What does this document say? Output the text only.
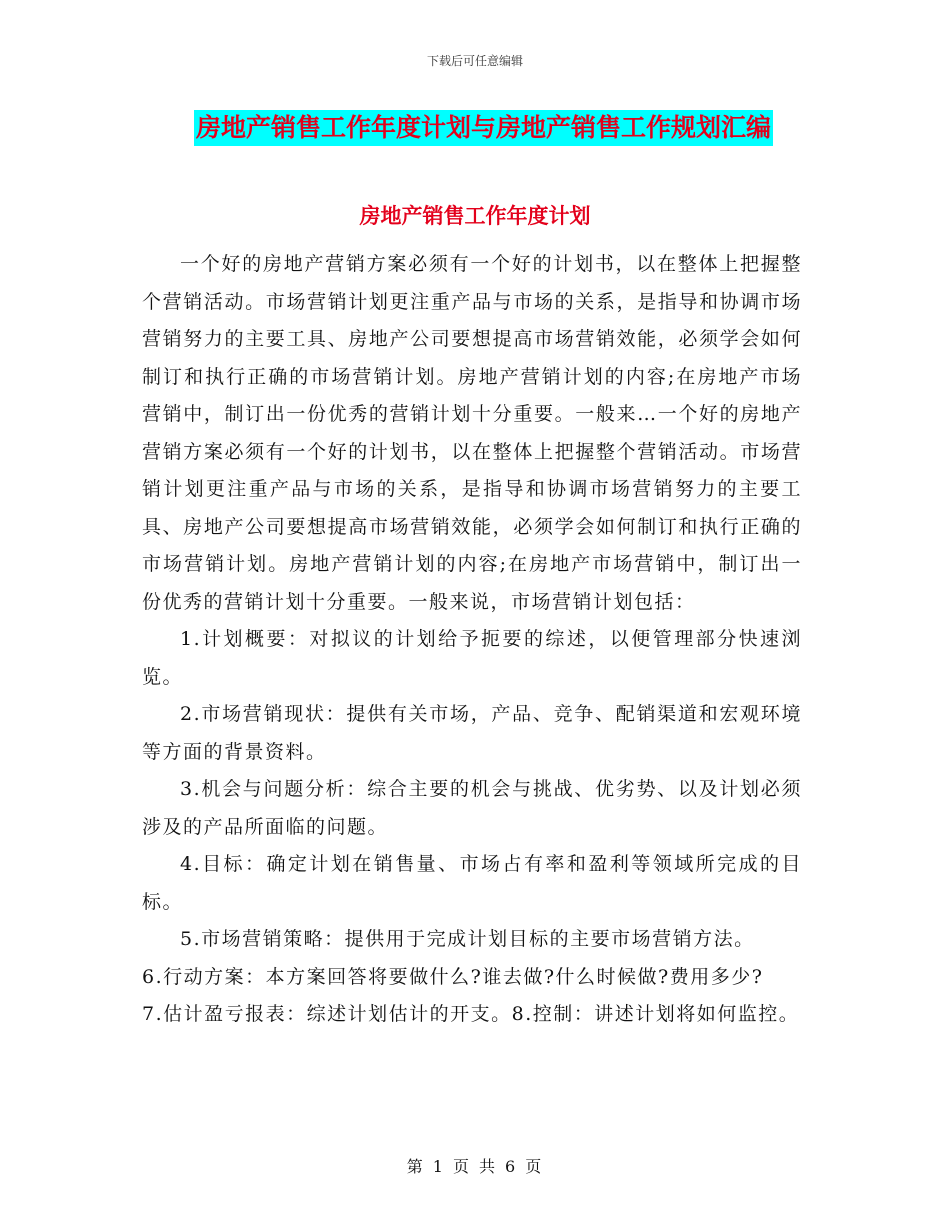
下载后可任意编辑
房地产销售工作年度计划与房地产销售工作规划汇编
房地产销售工作年度计划

一个好的房地产营销方案必须有一个好的计划书，以在整体上把握整个营销活动。市场营销计划更注重产品与市场的关系，是指导和协调市场营销努力的主要工具、房地产公司要想提高市场营销效能，必须学会如何制订和执行正确的市场营销计划。房地产营销计划的内容;在房地产市场营销中，制订出一份优秀的营销计划十分重要。一般来…一个好的房地产营销方案必须有一个好的计划书，以在整体上把握整个营销活动。市场营销计划更注重产品与市场的关系，是指导和协调市场营销努力的主要工具、房地产公司要想提高市场营销效能，必须学会如何制订和执行正确的市场营销计划。房地产营销计划的内容;在房地产市场营销中，制订出一份优秀的营销计划十分重要。一般来说，市场营销计划包括：

1.计划概要：对拟议的计划给予扼要的综述，以便管理部分快速浏览。

2.市场营销现状：提供有关市场，产品、竞争、配销渠道和宏观环境等方面的背景资料。

3.机会与问题分析：综合主要的机会与挑战、优劣势、以及计划必须涉及的产品所面临的问题。

4.目标：确定计划在销售量、市场占有率和盈利等领域所完成的目标。

5.市场营销策略：提供用于完成计划目标的主要市场营销方法。

6.行动方案：本方案回答将要做什么?谁去做?什么时候做?费用多少?

7.估计盈亏报表：综述计划估计的开支。8.控制：讲述计划将如何监控。

第 1 页 共 6 页
